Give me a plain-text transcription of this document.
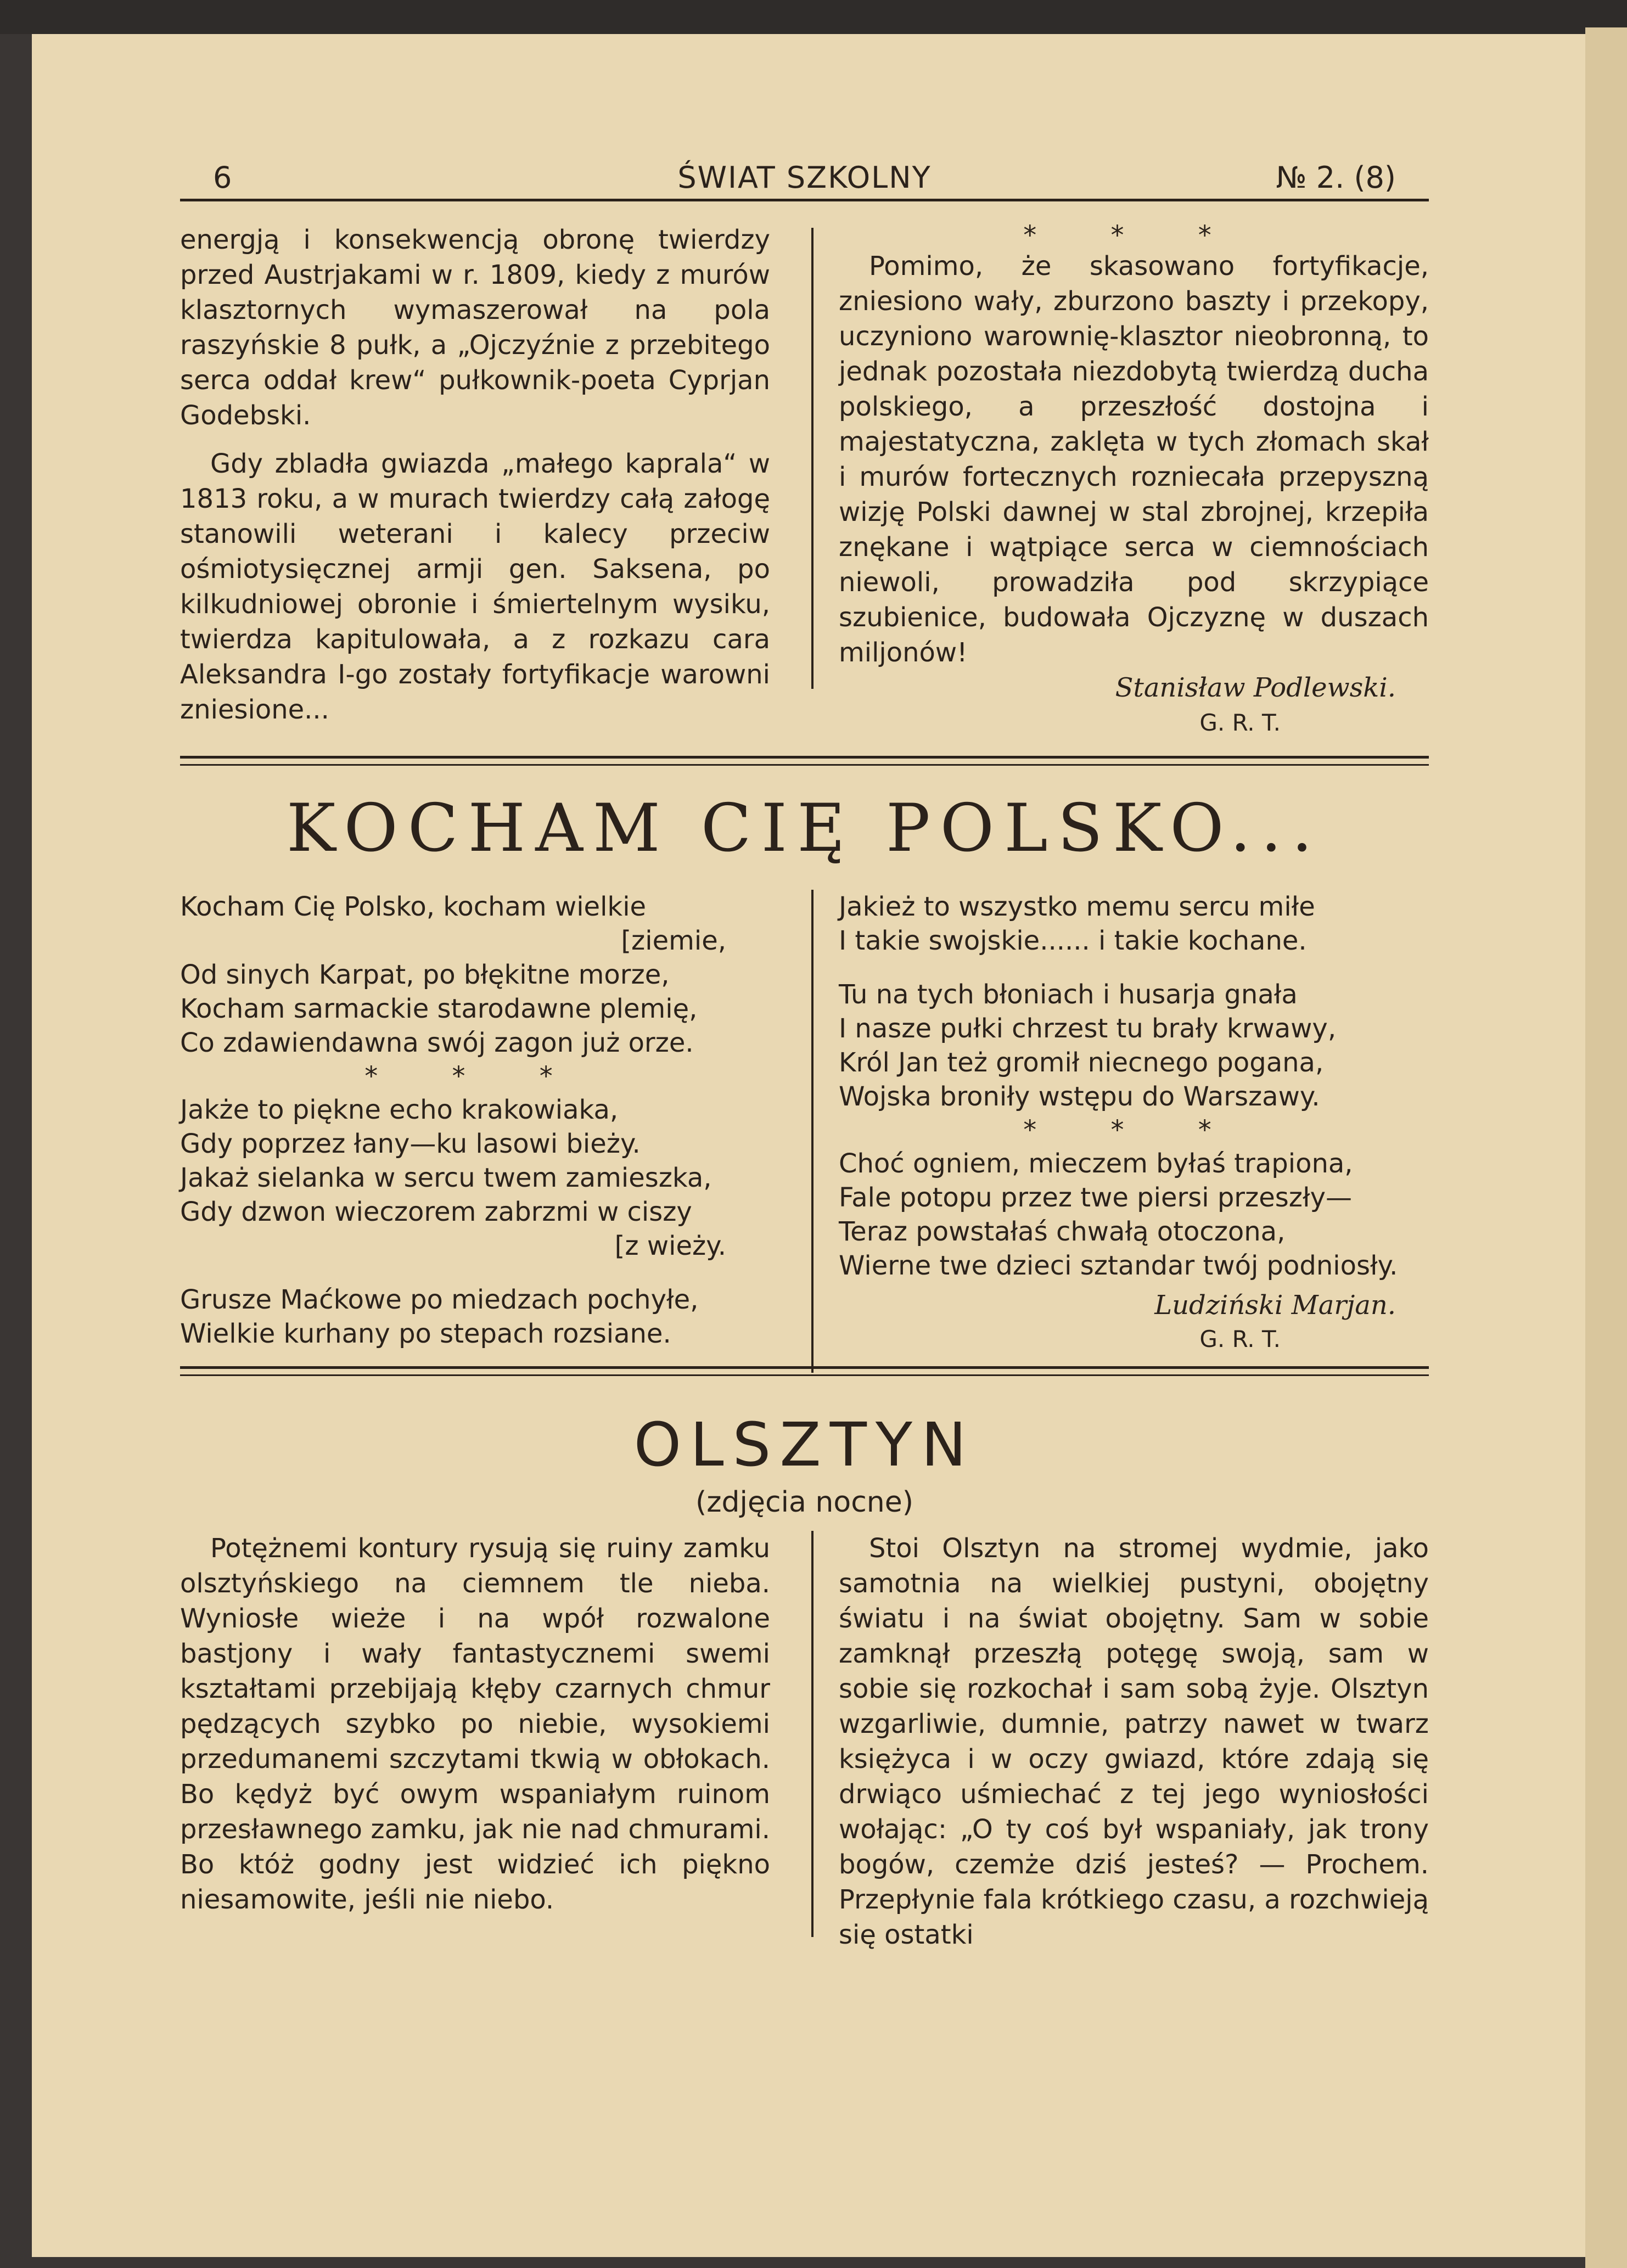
6	ŚWIAT SZKOLNY	№ 2. (8)

energją i konsekwencją obronę twierdzy przed Austrjakami w r. 1809, kiedy z murów klasztornych wymaszerował na pola raszyńskie 8 pułk, a „Ojczyźnie z przebitego serca oddał krew“ pułkownik-poeta Cyprjan Godebski.

Gdy zbladła gwiazda „małego kaprala“ w 1813 roku, a w murach twierdzy całą załogę stanowili weterani i kalecy przeciw ośmiotysięcznej armji gen. Saksena, po kilkudniowej obronie i śmiertelnym wysiku, twierdza kapitulowała, a z rozkazu cara Aleksandra I-go zostały fortyfikacje warowni zniesione...

* * *

Pomimo, że skasowano fortyfikacje, zniesiono wały, zburzono baszty i przekopy, uczyniono warownię-klasztor nieobronną, to jednak pozostała niezdobytą twierdzą ducha polskiego, a przeszłość dostojna i majestatyczna, zaklęta w tych złomach skał i murów fortecznych rozniecała przepyszną wizję Polski dawnej w stal zbrojnej, krzepiła znękane i wątpiące serca w ciemnościach niewoli, prowadziła pod skrzypiące szubienice, budowała Ojczyznę w duszach miljonów!

Stanisław Podlewski.
G. R. T.
KOCHAM CIĘ POLSKO...
Kocham Cię Polsko, kocham wielkie
[ziemie,
Od sinych Karpat, po błękitne morze,
Kocham sarmackie starodawne plemię,
Co zdawiendawna swój zagon już orze.
* * *
Jakże to piękne echo krakowiaka,
Gdy poprzez łany—ku lasowi bieży.
Jakaż sielanka w sercu twem zamieszka,
Gdy dzwon wieczorem zabrzmi w ciszy
[z wieży.
Grusze Maćkowe po miedzach pochyłe,
Wielkie kurhany po stepach rozsiane.
Jakież to wszystko memu sercu miłe
I takie swojskie...... i takie kochane.
Tu na tych błoniach i husarja gnała
I nasze pułki chrzest tu brały krwawy,
Król Jan też gromił niecnego pogana,
Wojska broniły wstępu do Warszawy.
* * *
Choć ogniem, mieczem byłaś trapiona,
Fale potopu przez twe piersi przeszły—
Teraz powstałaś chwałą otoczona,
Wierne twe dzieci sztandar twój podniosły.
Ludziński Marjan.
G. R. T.
OLSZTYN
(zdjęcia nocne)

Potężnemi kontury rysują się ruiny zamku olsztyńskiego na ciemnem tle nieba. Wyniosłe wieże i na wpół rozwalone bastjony i wały fantastycznemi swemi kształtami przebijają kłęby czarnych chmur pędzących szybko po niebie, wysokiemi przedumanemi szczytami tkwią w obłokach. Bo kędyż być owym wspaniałym ruinom przesławnego zamku, jak nie nad chmurami. Bo któż godny jest widzieć ich piękno niesamowite, jeśli nie niebo.

Stoi Olsztyn na stromej wydmie, jako samotnia na wielkiej pustyni, obojętny światu i na świat obojętny. Sam w sobie zamknął przeszłą potęgę swoją, sam w sobie się rozkochał i sam sobą żyje. Olsztyn wzgarliwie, dumnie, patrzy nawet w twarz księżyca i w oczy gwiazd, które zdają się drwiąco uśmiechać z tej jego wyniosłości wołając: „O ty coś był wspaniały, jak trony bogów, czemże dziś jesteś? — Prochem. Przepłynie fala krótkiego czasu, a rozchwieją się ostatki
